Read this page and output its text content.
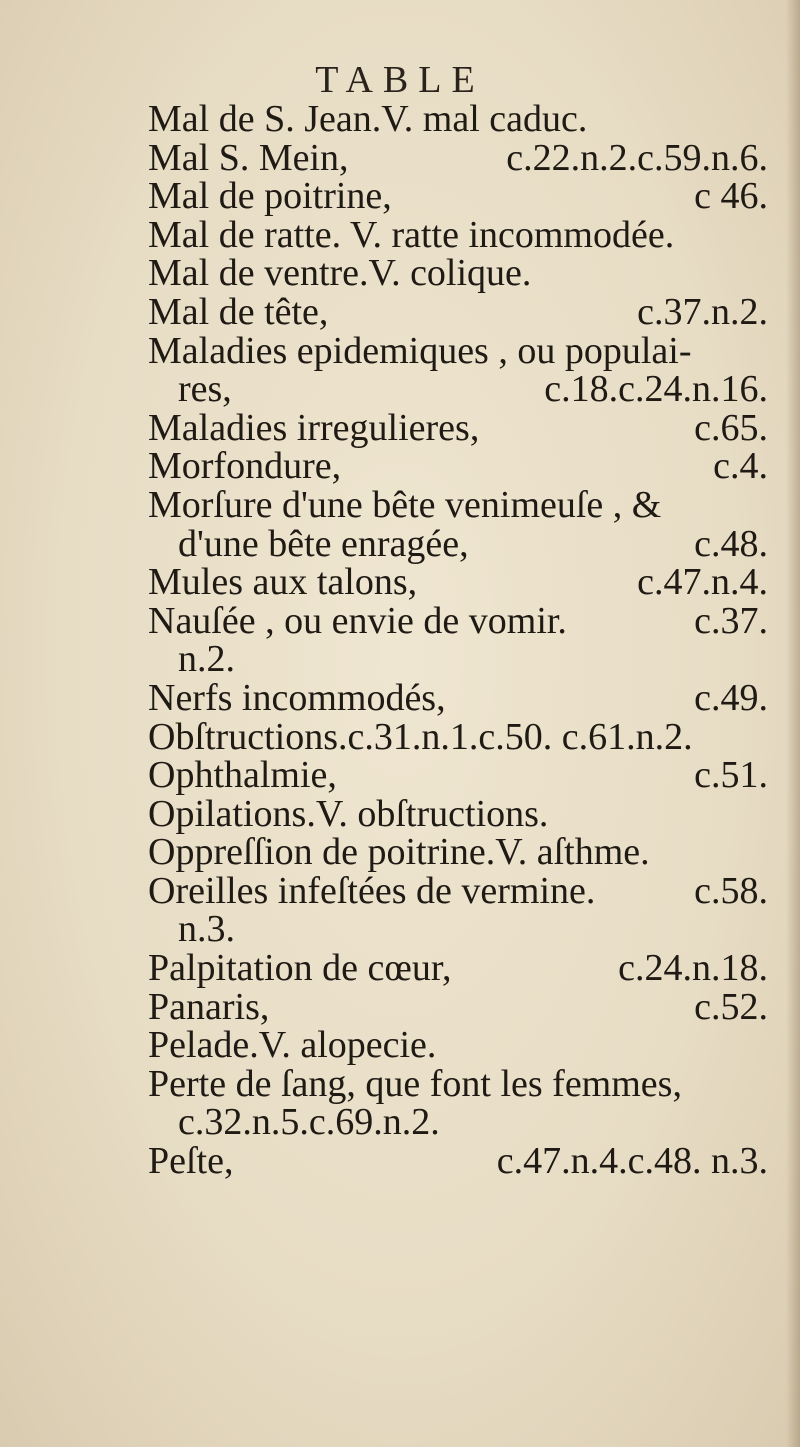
TABLE
Mal de S. Jean.V. mal caduc.
Mal S. Mein,	c.22.n.2.c.59.n.6.
Mal de poitrine,	c 46.
Mal de ratte. V. ratte incommodée.
Mal de ventre.V. colique.
Mal de tête,	c.37.n.2.
Maladies epidemiques , ou populai-
res,	c.18.c.24.n.16.
Maladies irregulieres,	c.65.
Morfondure,	c.4.
Morſure d'une bête venimeuſe , &
d'une bête enragée,	c.48.
Mules aux talons,	c.47.n.4.
Nauſée , ou envie de vomir.	c.37.
n.2.
Nerfs incommodés,	c.49.
Obſtructions.c.31.n.1.c.50. c.61.n.2.
Ophthalmie,	c.51.
Opilations.V. obſtructions.
Oppreſſion de poitrine.V. aſthme.
Oreilles infeſtées de vermine.	c.58.
n.3.
Palpitation de cœur,	c.24.n.18.
Panaris,	c.52.
Pelade.V. alopecie.
Perte de ſang, que font les femmes,
c.32.n.5.c.69.n.2.
Peſte,	c.47.n.4.c.48. n.3.
